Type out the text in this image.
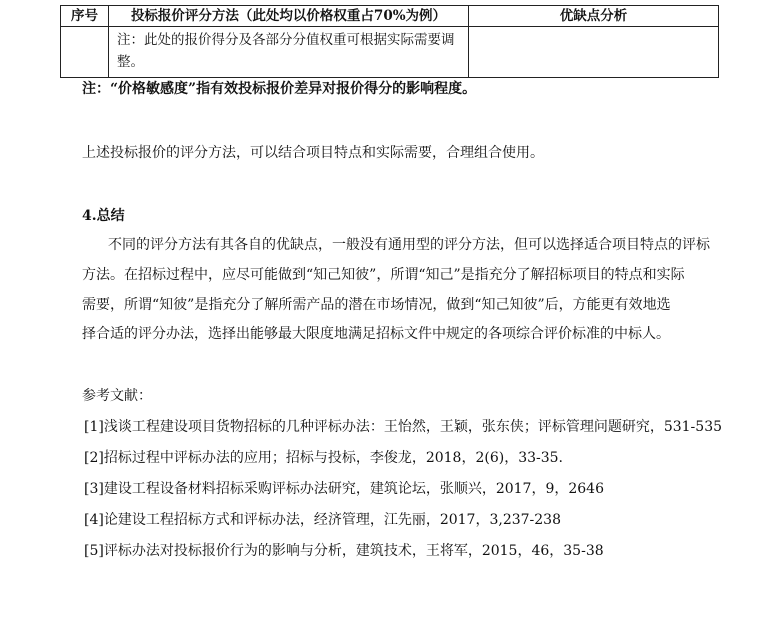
序号	投标报价评分方法（此处均以价格权重占70%为例）	优缺点分析
	注：此处的报价得分及各部分分值权重可根据实际需要调整。	
注：“价格敏感度”指有效投标报价差异对报价得分的影响程度。
上述投标报价的评分方法，可以结合项目特点和实际需要，合理组合使用。
4.总结
不同的评分方法有其各自的优缺点，一般没有通用型的评分方法，但可以选择适合项目特点的评标
方法。在招标过程中，应尽可能做到“知己知彼”，所谓“知己”是指充分了解招标项目的特点和实际
需要，所谓“知彼”是指充分了解所需产品的潜在市场情况，做到“知己知彼”后，方能更有效地选
择合适的评分办法，选择出能够最大限度地满足招标文件中规定的各项综合评价标准的中标人。
参考文献：
[1]浅谈工程建设项目货物招标的几种评标办法：王怡然，王颖，张东侠；评标管理问题研究，531-535
[2]招标过程中评标办法的应用；招标与投标，李俊龙，2018，2(6)，33-35.
[3]建设工程设备材料招标采购评标办法研究，建筑论坛，张顺兴，2017，9，2646
[4]论建设工程招标方式和评标办法，经济管理，江先丽，2017，3,237-238
[5]评标办法对投标报价行为的影响与分析，建筑技术，王将军，2015，46，35-38
